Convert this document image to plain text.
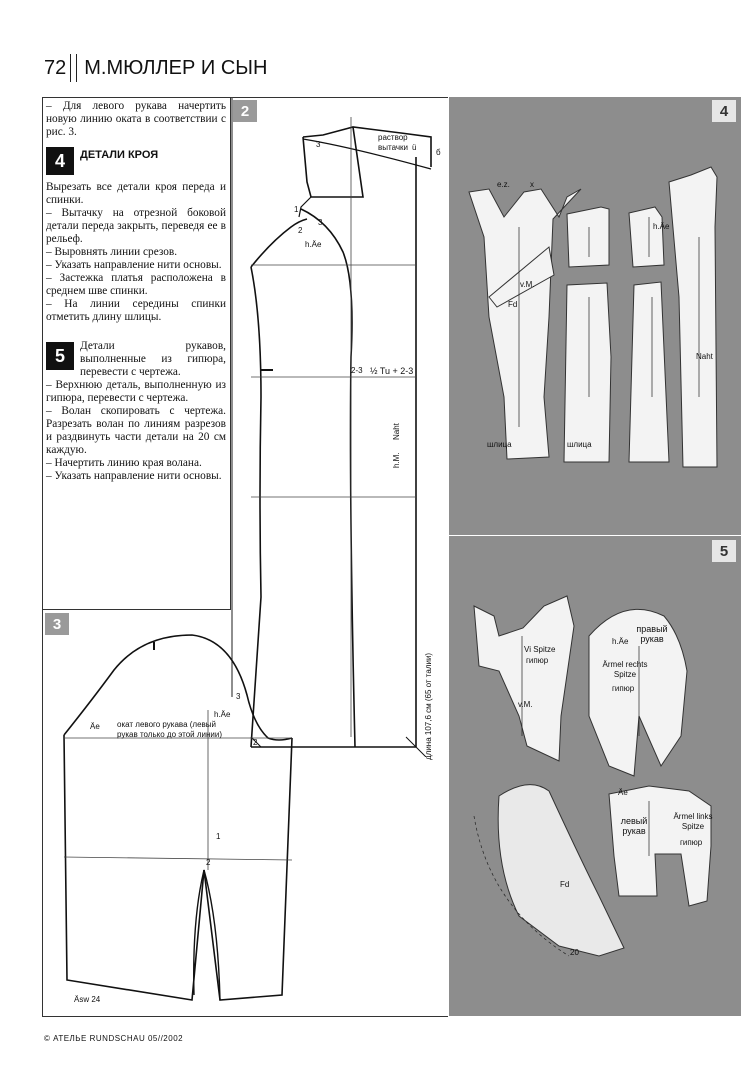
72 М.МЮЛЛЕР И СЫН

– Для левого рукава начертить новую линию оката в соответствии с рис. 3.

4	ДЕТАЛИ КРОЯ

Вырезать все детали кроя переда и спинки.

– Вытачку на отрезной боковой детали переда закрыть, переведя ее в рельеф.

– Выровнять линии срезов.

– Указать направление нити основы.

– Застежка платья расположена в среднем шве спинки.

– На линии середины спинки отметить длину шлицы.

5	Детали рукавов, выполненные из гипюра, перевести с чертежа.

– Верхнюю деталь, выполненную из гипюра, перевести с чертежа.

– Волан скопировать с чертежа. Разрезать волан по линиям разрезов и раздвинуть части детали на 20 см каждую.

– Начертить линию края волана.

– Указать направление нити основы.

2
раствор
вытачки ü
б
3
1
2
3
h.Äe
2-3 ½ Tu + 2-3
h.M.
Naht
длина 107,6 см (65 от талии)
2
3
Äe
h.Äe
3
окат левого рукава (левый рукав только до этой линии)
1
2
Äsw 24
4
v.M.
Fd
h.Äe
шлица	шлица
Naht
e.z.	x
5
Vi Spitze
гипюр
v.M.
h.Äe
правый рукав
Ärmel rechts Spitze
гипюр
Äe
левый рукав
Ärmel links Spitze
гипюр
Fd
20
© АТЕЛЬЕ RUNDSCHAU 05//2002
